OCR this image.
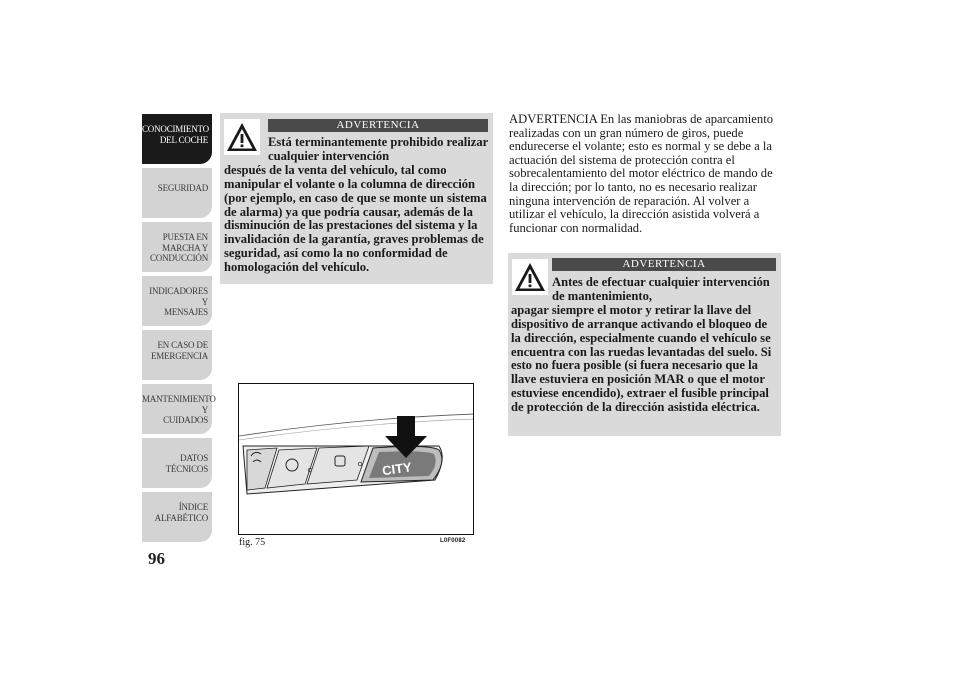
CONOCIMIENTO
DEL COCHE
SEGURIDAD
PUESTA EN
MARCHA Y
CONDUCCIÓN
INDICADORES Y
MENSAJES
EN CASO DE
EMERGENCIA
MANTENIMIENTO Y
CUIDADOS
DATOS TÉCNICOS
ÍNDICE
ALFABÉTICO
96
ADVERTENCIA
Está terminantemente prohibido realizar cualquier intervención
después de la venta del vehículo, tal como manipular el volante o la columna de dirección (por ejemplo, en caso de que se monte un sistema de alarma) ya que podría causar, además de la disminución de las prestaciones del sistema y la invalidación de la garantía, graves problemas de seguridad, así como la no conformidad de homologación del vehículo.
ADVERTENCIA En las maniobras de aparcamiento realizadas con un gran número de giros, puede endurecerse el volante; esto es normal y se debe a la actuación del sistema de protección contra el sobrecalentamiento del motor eléctrico de mando de la dirección; por lo tanto, no es necesario realizar ninguna intervención de reparación. Al volver a utilizar el vehículo, la dirección asistida volverá a funcionar con normalidad.
ADVERTENCIA
Antes de efectuar cualquier intervención de mantenimiento,
apagar siempre el motor y retirar la llave del dispositivo de arranque activando el bloqueo de la dirección, especialmente cuando el vehículo se encuentra con las ruedas levantadas del suelo. Si esto no fuera posible (si fuera necesario que la llave estuviera en posición MAR o que el motor estuviese encendido), extraer el fusible principal de protección de la dirección asistida eléctrica.
CITY
fig. 75	L0F0082
